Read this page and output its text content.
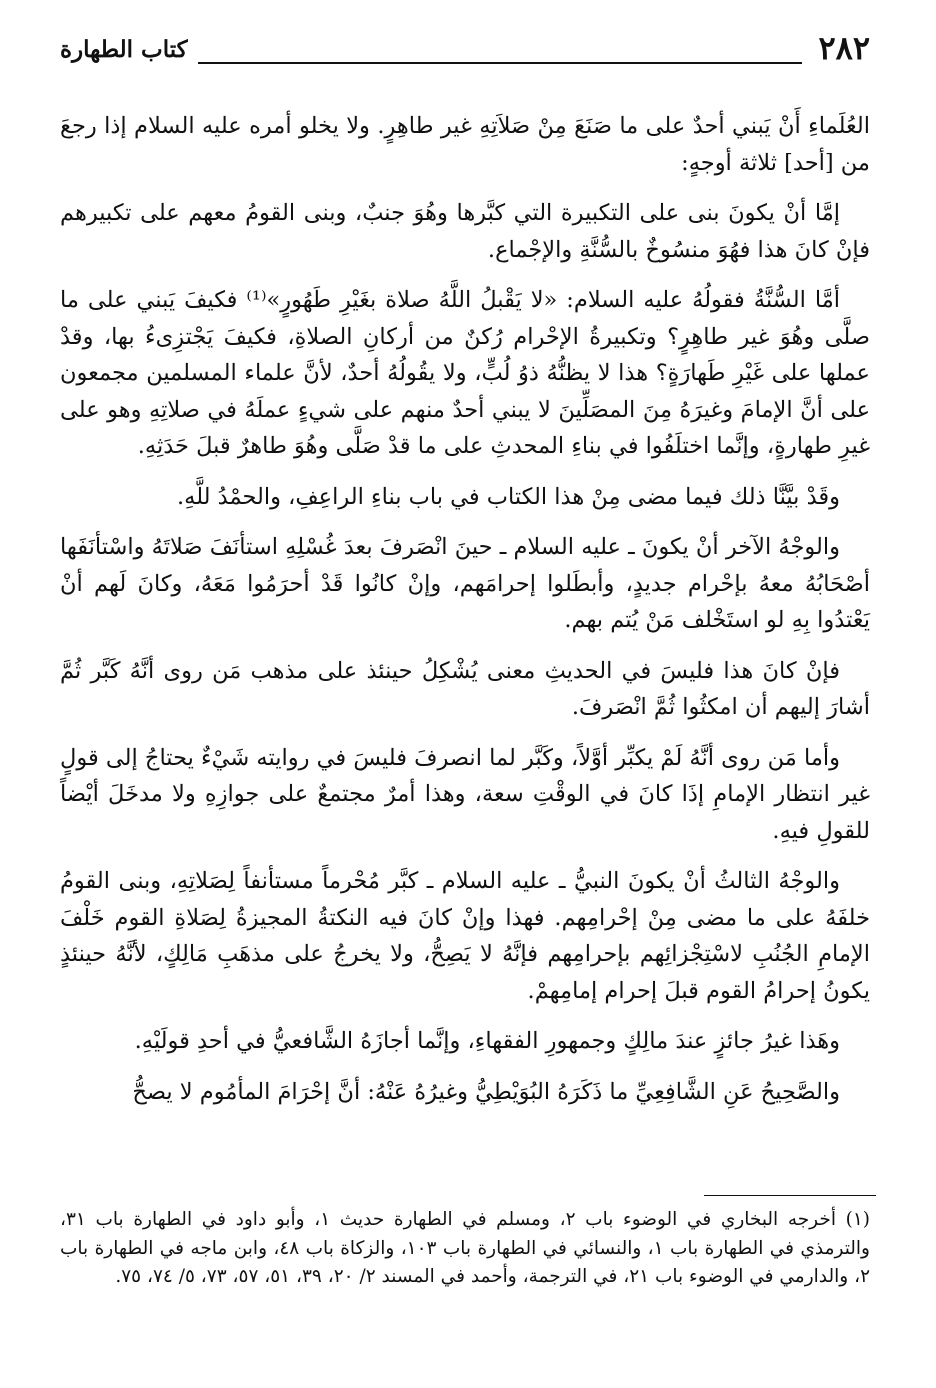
٢٨٢
كتاب الطهارة

العُلَماءِ أَنْ يَبني أحدٌ على ما صَنَعَ مِنْ صَلاَتِهِ غير طاهِرٍ. ولا يخلو أمره عليه السلام إذا رجعَ من [أحد] ثلاثة أوجهٍ:

إمَّا أنْ يكونَ بنى على التكبيرة التي كبَّرها وهُوَ جنبٌ، وبنى القومُ معهم على تكبيرهم فإنْ كانَ هذا فهُوَ منسُوخٌ بالسُّنَّةِ والإجْماع.

أمَّا السُّنَّةُ فقولُهُ عليه السلام: «لا يَقْبلُ اللَّهُ صلاة بغَيْرِ طَهُورٍ»⁽¹⁾ فكيفَ يَبني على ما صلَّى وهُوَ غير طاهِرٍ؟ وتكبيرةُ الإحْرام رُكنٌ من أركانِ الصلاةِ، فكيفَ يَجْتزِىءُ بها، وقدْ عملها على غَيْرِ طَهارَةٍ؟ هذا لا يظنُّهُ ذوُ لُبٍّ، ولا يقُولُهُ أحدٌ، لأنَّ علماء المسلمين مجمعون على أنَّ الإمامَ وغيرَهُ مِنَ المصَلِّينَ لا يبني أحدٌ منهم على شيءٍ عملَهُ في صلاتِهِ وهو على غيرِ طهارةٍ، وإنَّما اختلَفُوا في بناءِ المحدثِ على ما قدْ صَلَّى وهُوَ طاهرٌ قبلَ حَدَثِهِ.

وقَدْ بيَّنَّا ذلك فيما مضى مِنْ هذا الكتاب في باب بناءِ الراعِفِ، والحمْدُ للَّهِ.

والوجْهُ الآخر أنْ يكونَ ـ عليه السلام ـ حينَ انْصَرفَ بعدَ غُسْلِهِ استأنَفَ صَلاتَهُ واسْتأنَفَها أصْحَابُهُ معهُ بإحْرام جديدٍ، وأبطَلوا إحرامَهم، وإنْ كانُوا قَدْ أحرَمُوا مَعَهُ، وكانَ لَهم أنْ يَعْتدُوا بِهِ لو استَخْلف مَنْ يُتم بهم.

فإنْ كانَ هذا فليسَ في الحديثِ معنى يُشْكِلُ حينئذ على مذهب مَن روى أنَّهُ كَبَّر ثُمَّ أشارَ إليهم أن امكثُوا ثُمَّ انْصَرفَ.

وأما مَن روى أنَّهُ لَمْ يكبِّر أوَّلاً، وكَبَّر لما انصرفَ فليسَ في روايته شَيْءٌ يحتاجُ إلى قولٍ غير انتظار الإمامِ إذَا كانَ في الوقْتِ سعة، وهذا أمرٌ مجتمعٌ على جوازِهِ ولا مدخَلَ أيْضاً للقولِ فيهِ.

والوجْهُ الثالثُ أنْ يكونَ النبيُّ ـ عليه السلام ـ كبَّر مُحْرماً مستأنفاً لِصَلاتِهِ، وبنى القومُ خلفَهُ على ما مضى مِنْ إحْرامِهم. فهذا وإنْ كانَ فيه النكتةُ المجيزةُ لِصَلاةِ القوم خَلْفَ الإمامِ الجُنُبِ لاسْتِجْزائِهم بإحرامِهم فإنَّهُ لا يَصِحُّ، ولا يخرجُ على مذهَبِ مَالِكٍ، لأنَّهُ حينئذٍ يكونُ إحرامُ القوم قبلَ إحرام إمامِهمْ.

وهَذا غيرُ جائزٍ عندَ مالِكٍ وجمهورِ الفقهاءِ، وإنَّما أجازَهُ الشَّافعيُّ في أحدِ قولَيْهِ.

والصَّحِيحُ عَنِ الشَّافِعِيِّ ما ذَكَرَهُ البُوَيْطِيُّ وغيرُهُ عَنْهُ: أنَّ إحْرَامَ المأمُوم لا يصحُّ

(١) أخرجه البخاري في الوضوء باب ٢، ومسلم في الطهارة حديث ١، وأبو داود في الطهارة باب ٣١، والترمذي في الطهارة باب ١، والنسائي في الطهارة باب ١٠٣، والزكاة باب ٤٨، وابن ماجه في الطهارة باب ٢، والدارمي في الوضوء باب ٢١، في الترجمة، وأحمد في المسند ٢/ ٢٠، ٣٩، ٥١، ٥٧، ٧٣، ٥/ ٧٤، ٧٥.
